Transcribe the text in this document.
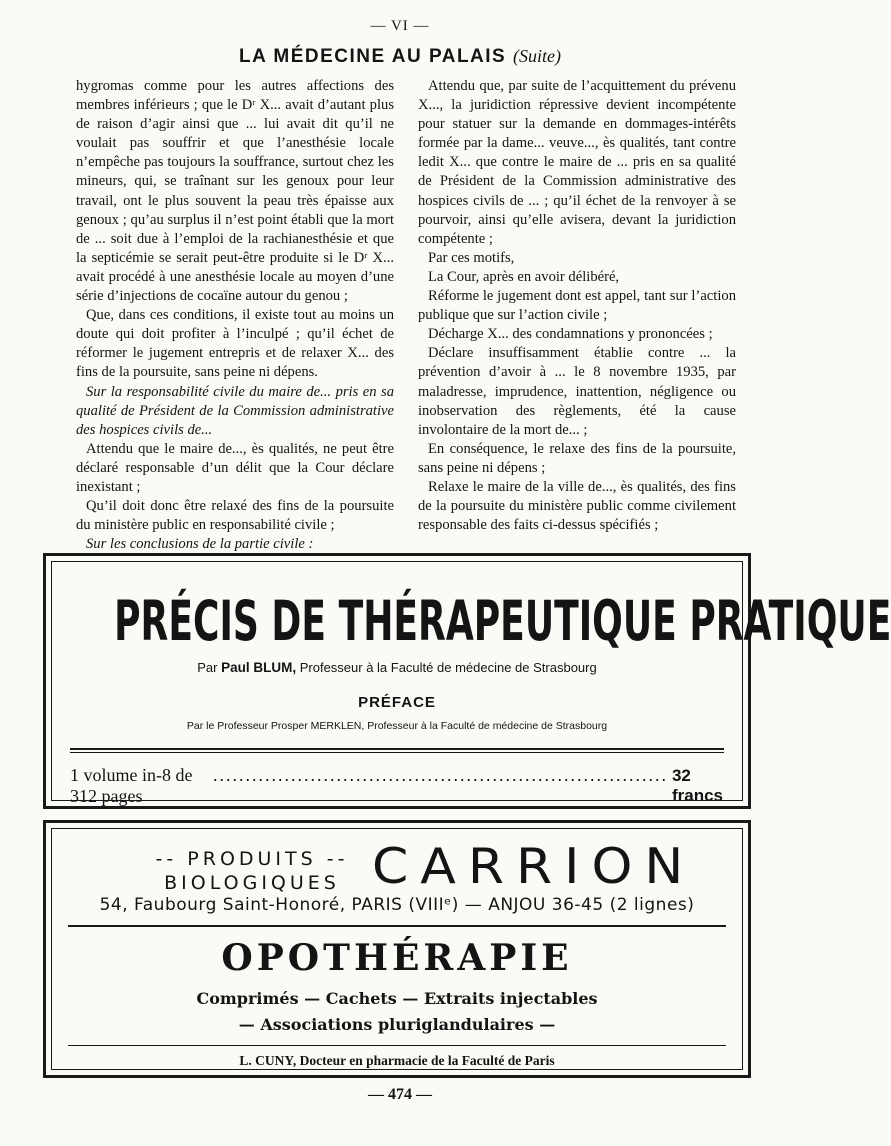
— VI —
LA MÉDECINE AU PALAIS (Suite)

hygromas comme pour les autres affections des membres inférieurs ; que le Dʳ X... avait d’autant plus de raison d’agir ainsi que ... lui avait dit qu’il ne voulait pas souffrir et que l’anesthésie locale n’empêche pas toujours la souffrance, surtout chez les mineurs, qui, se traînant sur les genoux pour leur travail, ont le plus souvent la peau très épaisse aux genoux ; qu’au surplus il n’est point établi que la mort de ... soit due à l’emploi de la rachianesthésie et que la septicémie se serait peut-être produite si le Dʳ X... avait procédé à une anesthésie locale au moyen d’une série d’injections de cocaïne autour du genou ;

Que, dans ces conditions, il existe tout au moins un doute qui doit profiter à l’inculpé ; qu’il échet de réformer le jugement entrepris et de relaxer X... des fins de la poursuite, sans peine ni dépens.

Sur la responsabilité civile du maire de... pris en sa qualité de Président de la Commission administrative des hospices civils de...

Attendu que le maire de..., ès qualités, ne peut être déclaré responsable d’un délit que la Cour déclare inexistant ;

Qu’il doit donc être relaxé des fins de la poursuite du ministère public en responsabilité civile ;

Sur les conclusions de la partie civile :

Attendu que, par suite de l’acquittement du prévenu X..., la juridiction répressive devient incompétente pour statuer sur la demande en dommages-intérêts formée par la dame... veuve..., ès qualités, tant contre ledit X... que contre le maire de ... pris en sa qualité de Président de la Commission administrative des hospices civils de ... ; qu’il échet de la renvoyer à se pourvoir, ainsi qu’elle avisera, devant la juridiction compétente ;

Par ces motifs,

La Cour, après en avoir délibéré,

Réforme le jugement dont est appel, tant sur l’action publique que sur l’action civile ;

Décharge X... des condamnations y prononcées ;

Déclare insuffisamment établie contre ... la prévention d’avoir à ... le 8 novembre 1935, par maladresse, imprudence, inattention, négligence ou inobservation des règlements, été la cause involontaire de la mort de... ;

En conséquence, le relaxe des fins de la poursuite, sans peine ni dépens ;

Relaxe le maire de la ville de..., ès qualités, des fins de la poursuite du ministère public comme civilement responsable des faits ci-dessus spécifiés ;

PRÉCIS DE THÉRAPEUTIQUE PRATIQUE
Par Paul BLUM, Professeur à la Faculté de médecine de Strasbourg
PRÉFACE
Par le Professeur Prosper MERKLEN, Professeur à la Faculté de médecine de Strasbourg
1 volume in-8 de 312 pages
...................................................................... 32 francs
-- PRODUITS --
BIOLOGIQUES CARRION
54, Faubourg Saint-Honoré, PARIS (VIIIᵉ) — ANJOU 36-45 (2 lignes)
OPOTHÉRAPIE
Comprimés — Cachets — Extraits injectables
— Associations pluriglandulaires —
L. CUNY, Docteur en pharmacie de la Faculté de Paris
— 474 —
